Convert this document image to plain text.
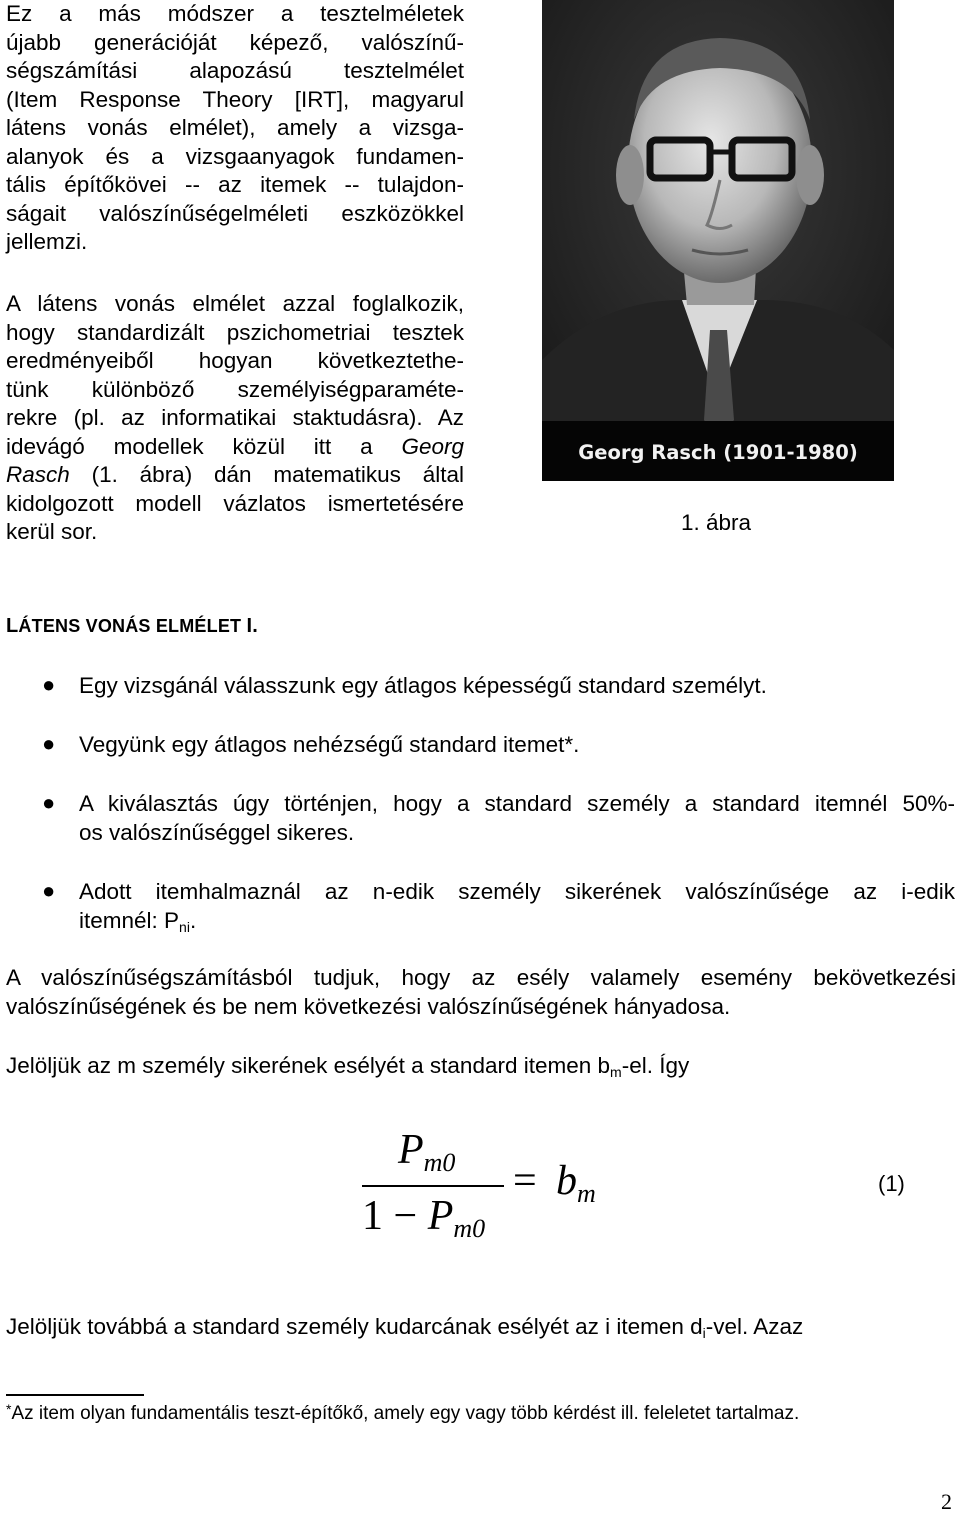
Ez a más módszer a tesztelméletek
újabb generációját képező, valószínű-
ségszámítási alapozású tesztelmélet
(Item Response Theory [IRT], magyarul
látens vonás elmélet), amely a vizsga-
alanyok és a vizsgaanyagok fundamen-
tális építőkövei -- az itemek -- tulajdon-
ságait valószínűségelméleti eszközökkel
jellemzi.
A látens vonás elmélet azzal foglalkozik,
hogy standardizált pszichometriai tesztek
eredményeiből hogyan következtethe-
tünk különböző személyiségparaméte-
rekre (pl. az informatikai staktudásra). Az
idevágó modellek közül itt a Georg
Rasch (1. ábra) dán matematikus által
kidolgozott modell vázlatos ismertetésére
kerül sor.
Georg Rasch (1901-1980)
1. ábra
LÁTENS VONÁS ELMÉLET I.
● Egy vizsgánál válasszunk egy átlagos képességű standard személyt.
● Vegyünk egy átlagos nehézségű standard itemet*.
● A kiválasztás úgy történjen, hogy a standard személy a standard itemnél 50%-
os valószínűséggel sikeres.
● Adott itemhalmaznál az n-edik személy sikerének valószínűsége az i-edik
itemnél: $P_{ni}$.
A valószínűségszámításból tudjuk, hogy az esély valamely esemény bekövetkezési
valószínűségének és be nem következési valószínűségének hányadosa.
Jelöljük az m személy sikerének esélyét a standard itemen $b_m-el$. Így
Pm0
1 − Pm0
= bm	(1)
Jelöljük továbbá a standard személy kudarcának esélyét az i itemen $d_i$-vel. Azaz
*Az item olyan fundamentális teszt-építőkő, amely egy vagy több kérdést ill. feleletet tartalmaz.
2
